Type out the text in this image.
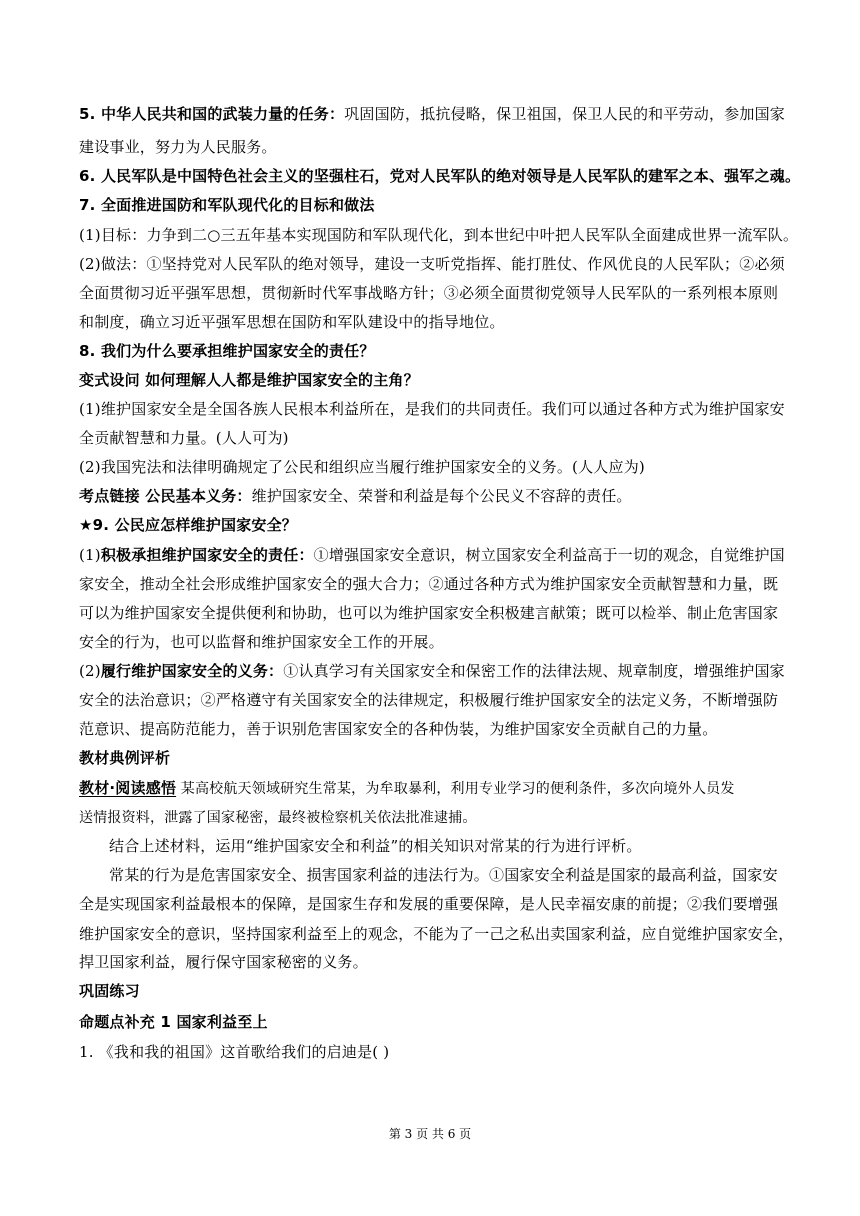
5. 中华人民共和国的武装力量的任务：巩固国防，抵抗侵略，保卫祖国，保卫人民的和平劳动，参加国家
建设事业，努力为人民服务。
6. 人民军队是中国特色社会主义的坚强柱石，党对人民军队的绝对领导是人民军队的建军之本、强军之魂。
7. 全面推进国防和军队现代化的目标和做法
(1)目标：力争到二○三五年基本实现国防和军队现代化，到本世纪中叶把人民军队全面建成世界一流军队。
(2)做法：①坚持党对人民军队的绝对领导，建设一支听党指挥、能打胜仗、作风优良的人民军队；②必须
全面贯彻习近平强军思想，贯彻新时代军事战略方针；③必须全面贯彻党领导人民军队的一系列根本原则
和制度，确立习近平强军思想在国防和军队建设中的指导地位。
8. 我们为什么要承担维护国家安全的责任？
变式设问 如何理解人人都是维护国家安全的主角？
(1)维护国家安全是全国各族人民根本利益所在，是我们的共同责任。我们可以通过各种方式为维护国家安
全贡献智慧和力量。(人人可为)
(2)我国宪法和法律明确规定了公民和组织应当履行维护国家安全的义务。(人人应为)
考点链接 公民基本义务：维护国家安全、荣誉和利益是每个公民义不容辞的责任。
★9. 公民应怎样维护国家安全？
(1)积极承担维护国家安全的责任：①增强国家安全意识，树立国家安全利益高于一切的观念，自觉维护国
家安全，推动全社会形成维护国家安全的强大合力；②通过各种方式为维护国家安全贡献智慧和力量，既
可以为维护国家安全提供便利和协助，也可以为维护国家安全积极建言献策；既可以检举、制止危害国家
安全的行为，也可以监督和维护国家安全工作的开展。
(2)履行维护国家安全的义务：①认真学习有关国家安全和保密工作的法律法规、规章制度，增强维护国家
安全的法治意识；②严格遵守有关国家安全的法律规定，积极履行维护国家安全的法定义务，不断增强防
范意识、提高防范能力，善于识别危害国家安全的各种伪装，为维护国家安全贡献自己的力量。
教材典例评析
教材·阅读感悟 某高校航天领域研究生常某，为牟取暴利，利用专业学习的便利条件，多次向境外人员发
送情报资料，泄露了国家秘密，最终被检察机关依法批准逮捕。
结合上述材料，运用“维护国家安全和利益”的相关知识对常某的行为进行评析。
常某的行为是危害国家安全、损害国家利益的违法行为。①国家安全利益是国家的最高利益，国家安
全是实现国家利益最根本的保障，是国家生存和发展的重要保障，是人民幸福安康的前提；②我们要增强
维护国家安全的意识，坚持国家利益至上的观念，不能为了一己之私出卖国家利益，应自觉维护国家安全，
捍卫国家利益，履行保守国家秘密的义务。
巩固练习
命题点补充 1 国家利益至上
1. 《我和我的祖国》这首歌给我们的启迪是( )
第 3 页 共 6 页
